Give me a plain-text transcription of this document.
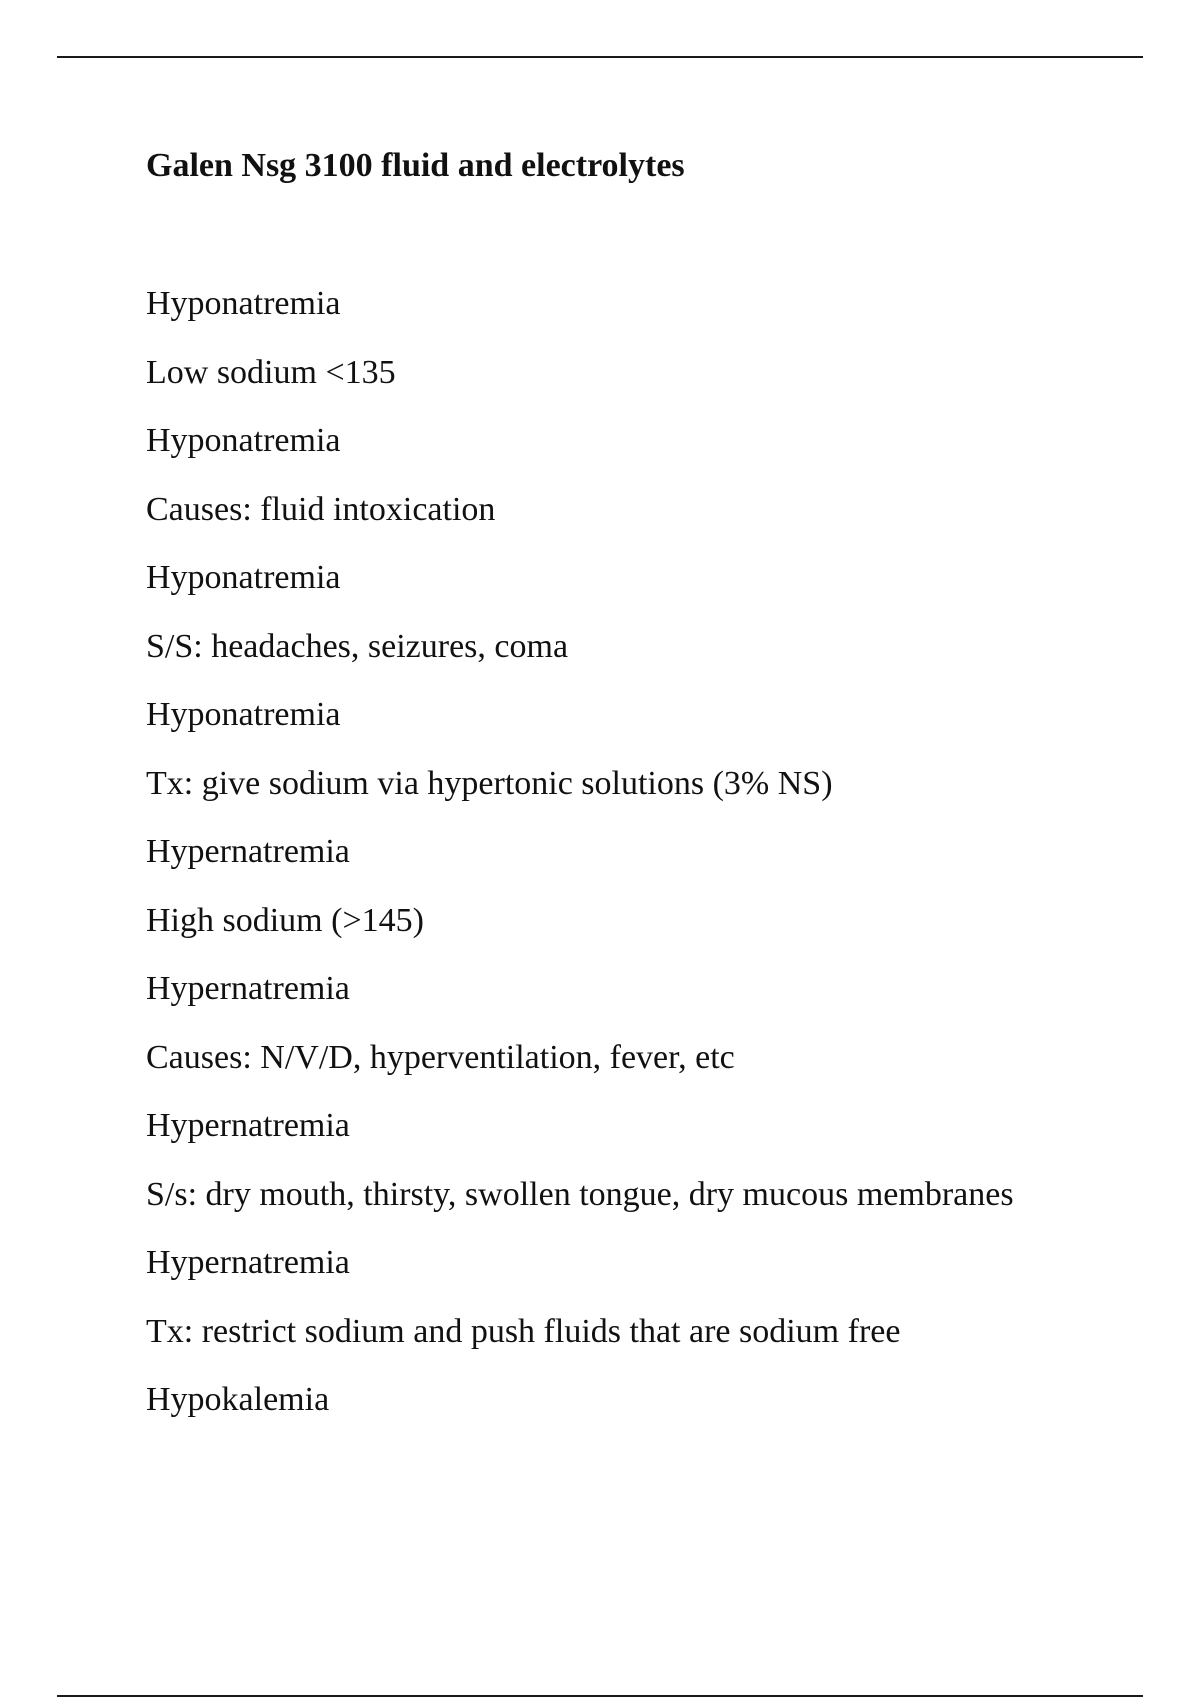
Galen Nsg 3100 fluid and electrolytes
Hyponatremia
Low sodium <135
Hyponatremia
Causes: fluid intoxication
Hyponatremia
S/S: headaches, seizures, coma
Hyponatremia
Tx: give sodium via hypertonic solutions (3% NS)
Hypernatremia
High sodium (>145)
Hypernatremia
Causes: N/V/D, hyperventilation, fever, etc
Hypernatremia
S/s: dry mouth, thirsty, swollen tongue, dry mucous membranes
Hypernatremia
Tx: restrict sodium and push fluids that are sodium free
Hypokalemia
